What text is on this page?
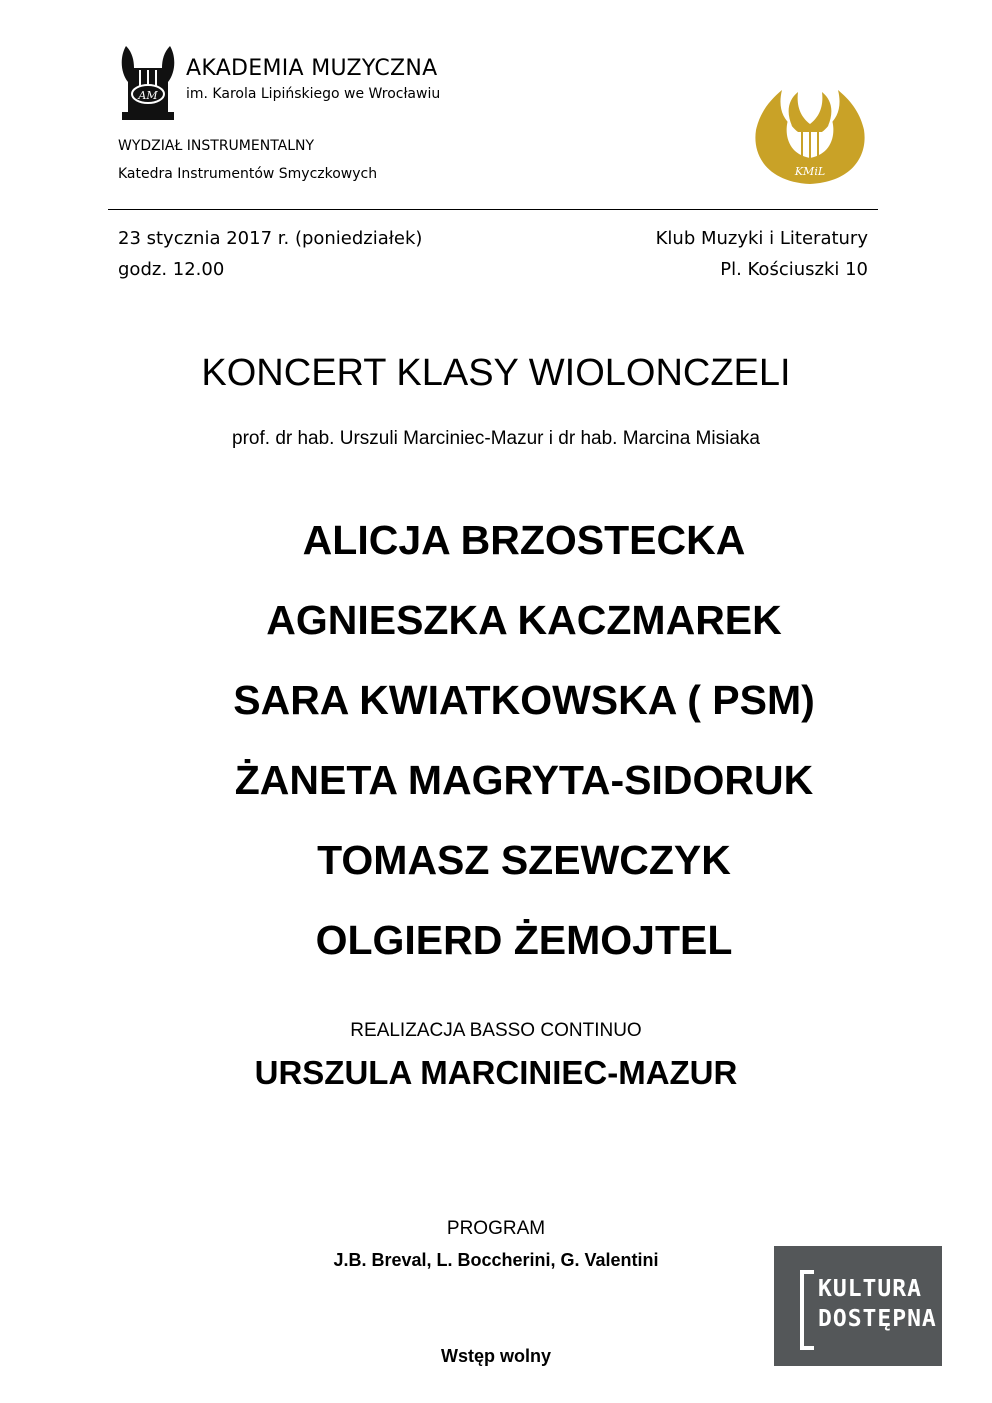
AM
AKADEMIA MUZYCZNA
im. Karola Lipińskiego we Wrocławiu
W
KMiL
WYDZIAŁ INSTRUMENTALNY
Katedra Instrumentów Smyczkowych
23 stycznia 2017 r. (poniedziałek)
godz. 12.00
Klub Muzyki i Literatury
Pl. Kościuszki 10
KONCERT KLASY WIOLONCZELI
prof. dr hab. Urszuli Marciniec-Mazur i dr hab. Marcina Misiaka
ALICJA BRZOSTECKA
AGNIESZKA KACZMAREK
SARA KWIATKOWSKA ( PSM)
ŻANETA MAGRYTA-SIDORUK
TOMASZ SZEWCZYK
OLGIERD ŻEMOJTEL
REALIZACJA BASSO CONTINUO
URSZULA MARCINIEC-MAZUR
PROGRAM
J.B. Breval, L. Boccherini, G. Valentini
Wstęp wolny
KULTURA
DOSTĘPNA
